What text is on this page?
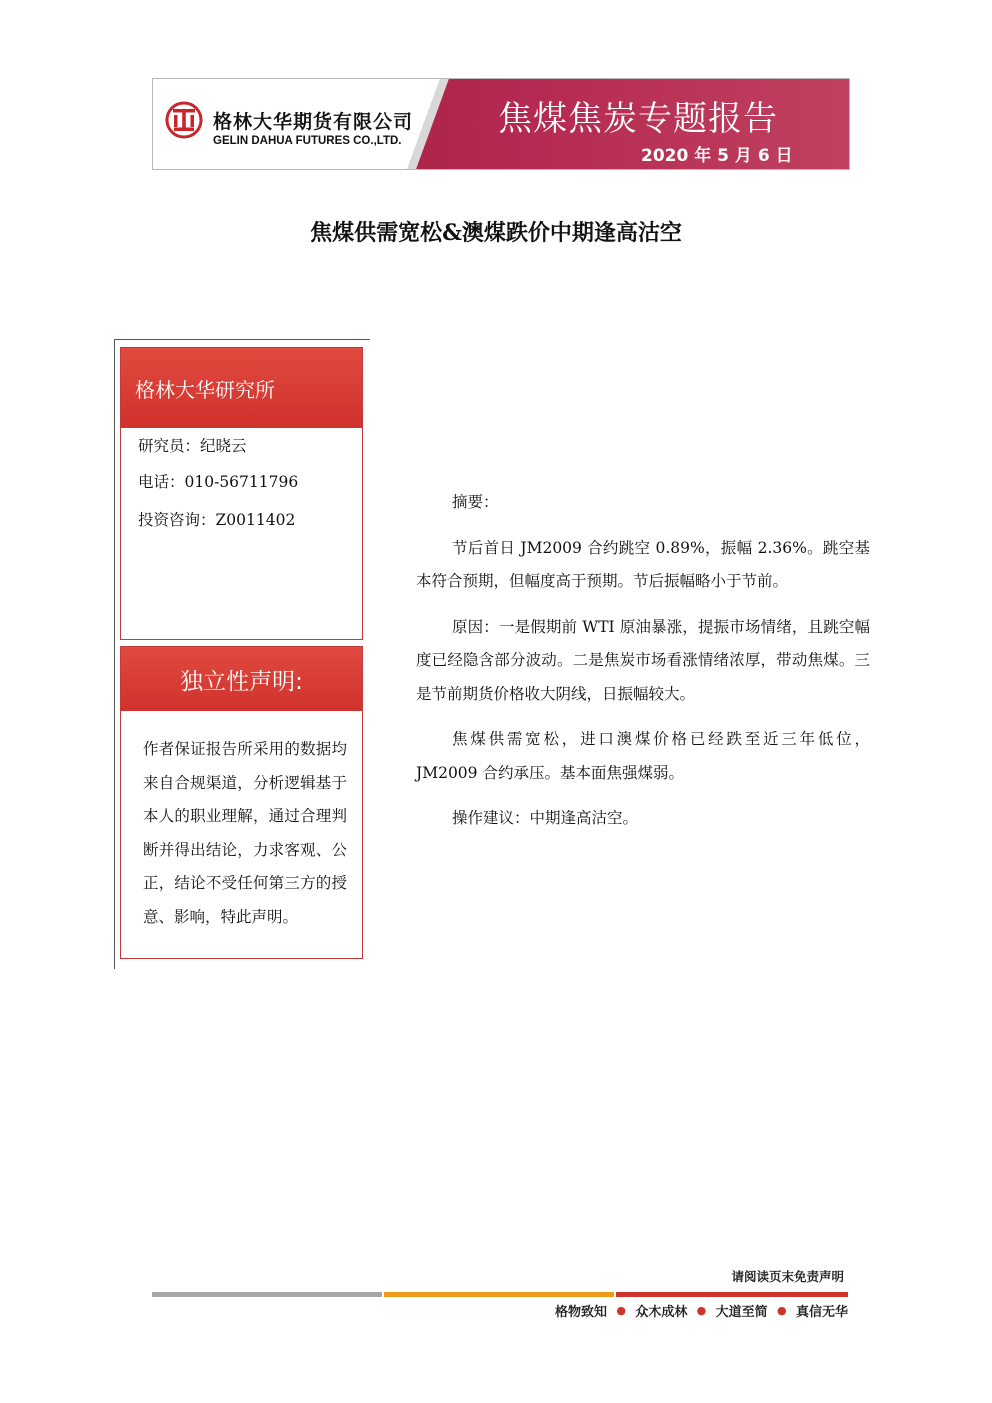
格林大华期货有限公司
GELIN DAHUA FUTURES CO.,LTD.
焦煤焦炭专题报告
2020 年 5 月 6 日
焦煤供需宽松&澳煤跌价中期逢高沽空
格林大华研究所
研究员：纪晓云
电话：010-56711796
投资咨询：Z0011402
独立性声明:
作者保证报告所采用的数据均来自合规渠道，分析逻辑基于本人的职业理解，通过合理判断并得出结论，力求客观、公正，结论不受任何第三方的授意、影响，特此声明。

摘要：

节后首日 JM2009 合约跳空 0.89%，振幅 2.36%。跳空基本符合预期，但幅度高于预期。节后振幅略小于节前。

原因：一是假期前 WTI 原油暴涨，提振市场情绪，且跳空幅度已经隐含部分波动。二是焦炭市场看涨情绪浓厚，带动焦煤。三是节前期货价格收大阴线，日振幅较大。

焦煤供需宽松，进口澳煤价格已经跌至近三年低位，JM2009 合约承压。基本面焦强煤弱。

操作建议：中期逢高沽空。

请阅读页末免责声明
格物致知 ● 众木成林 ● 大道至简 ● 真信无华
